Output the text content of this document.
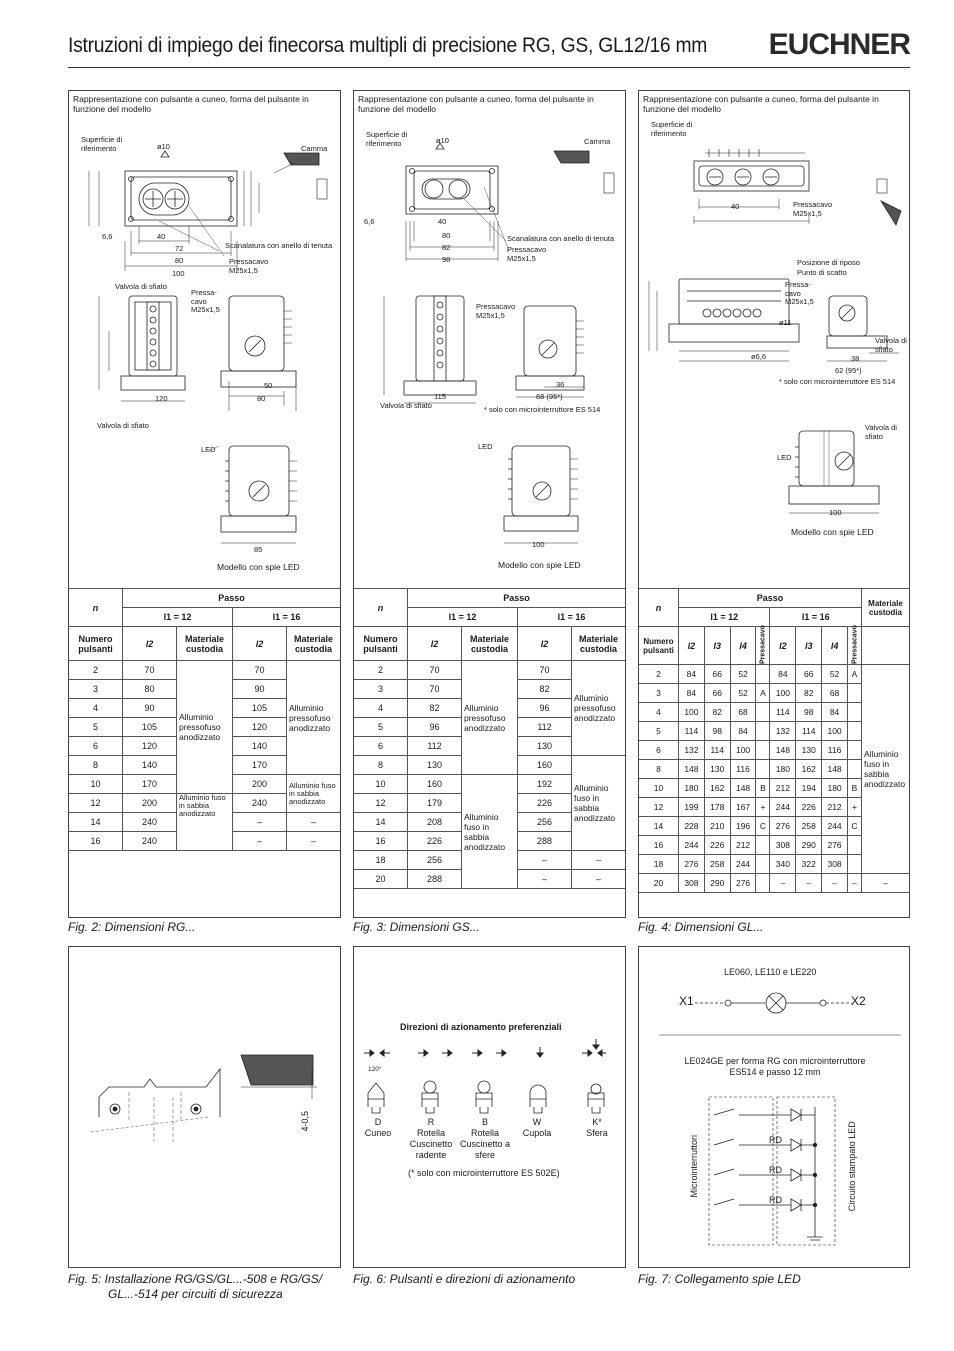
Istruzioni di impiego dei finecorsa multipli di precisione RG, GS, GL12/16 mm EUCHNER
Rappresentazione con pulsante a cuneo, forma del pulsante in funzione del modello
Superficie di riferimento	ø10	Camma
Scanalatura con anello di tenuta
Pressacavo M25x1,5
100
80
72
40
6,6
Valvola di sfiato
Pressa-cavo M25x1,5
120
50
80
Valvola di sfiato
LED
85
Modello con spie LED
n	Passo			
	l1 = 12		l1 = 16	
Numero pulsanti	l2	Materiale custodia	l2	Materiale custodia
2	70	Alluminio pressofuso anodizzato	70	Alluminio pressofuso anodizzato
3	80		90	
4	90		105	
5	105		120	
6	120		140	
8	140		170	
10	170		200	Alluminio fuso in sabbia anodizzato
12	200	Alluminio fuso in sabbia anodizzato	240	
14	240		–	–
16	240		–	–
Fig. 2: Dimensioni RG...
Rappresentazione con pulsante a cuneo, forma del pulsante in funzione del modello
Superficie di riferimento	ø10	Camma
Scanalatura con anello di tenuta
Pressacavo M25x1,5
98
82
80
40
6,6
Pressacavo M25x1,5
115	68 (95*)
36
Valvola di sfiato	* solo con microinterruttore ES 514
LED
100
Modello con spie LED
n	Passo			
	l1 = 12		l1 = 16	
Numero pulsanti	l2	Materiale custodia	l2	Materiale custodia
2	70	Alluminio pressofuso anodizzato	70	Alluminio pressofuso anodizzato
3	70		82	
4	82		96	
5	96		112	
6	112		130	
8	130		160	Alluminio fuso in sabbia anodizzato
10	160	Alluminio fuso in sabbia anodizzato	192	
12	179		226	
14	208		256	
16	226		288	
18	256		–	–
20	288		–	–
Fig. 3: Dimensioni GS...
Rappresentazione con pulsante a cuneo, forma del pulsante in funzione del modello
Superficie di riferimento
40	Pressacavo M25x1,5
Posizione di riposo
Punto di scatto
Pressa-cavo M25x1,5
ø11
ø6,6
Valvola di sfiato
38
62 (95*)
* solo con microinterruttore ES 514
Valvola di sfiato
LED
100
Modello con spie LED
n	Passo								Materiale custodia
	l1 = 12				l1 = 16				
Numero pulsanti	l2	l3	l4	Pressacavo	l2	l3	l4	Pressacavo	
2	84	66	52		84	66	52	A	Alluminio fuso in sabbia anodizzato
3	84	66	52	A	100	82	68		
4	100	82	68		114	98	84		
5	114	98	84		132	114	100		
6	132	114	100		148	130	116		
8	148	130	116		180	162	148		
10	180	162	148	B	212	194	180	B	
12	199	178	167	+	244	226	212	+	
14	228	210	196	C	276	258	244	C	
16	244	226	212		308	290	276		
18	276	258	244		340	322	308		
20	308	290	276		–	–	–	–	–
Fig. 4: Dimensioni GL...
4-0,5
Fig. 5: Installazione RG/GS/GL...-508 e RG/GS/
GL...-514 per circuiti di sicurezza
Direzioni di azionamento preferenziali
120°
D
Cuneo
R
Rotella Cuscinetto radente
B
Rotella Cuscinetto a sfere
W
Cupola
K*
Sfera
(* solo con microinterruttore ES 502E)
Fig. 6: Pulsanti e direzioni di azionamento
LE060, LE110 e LE220
X1	X2
LE024GE per forma RG con microinterruttore ES514 e passo 12 mm
RD
RD
RD
Microinterruttori	Circuito stampato LED
Fig. 7: Collegamento spie LED
